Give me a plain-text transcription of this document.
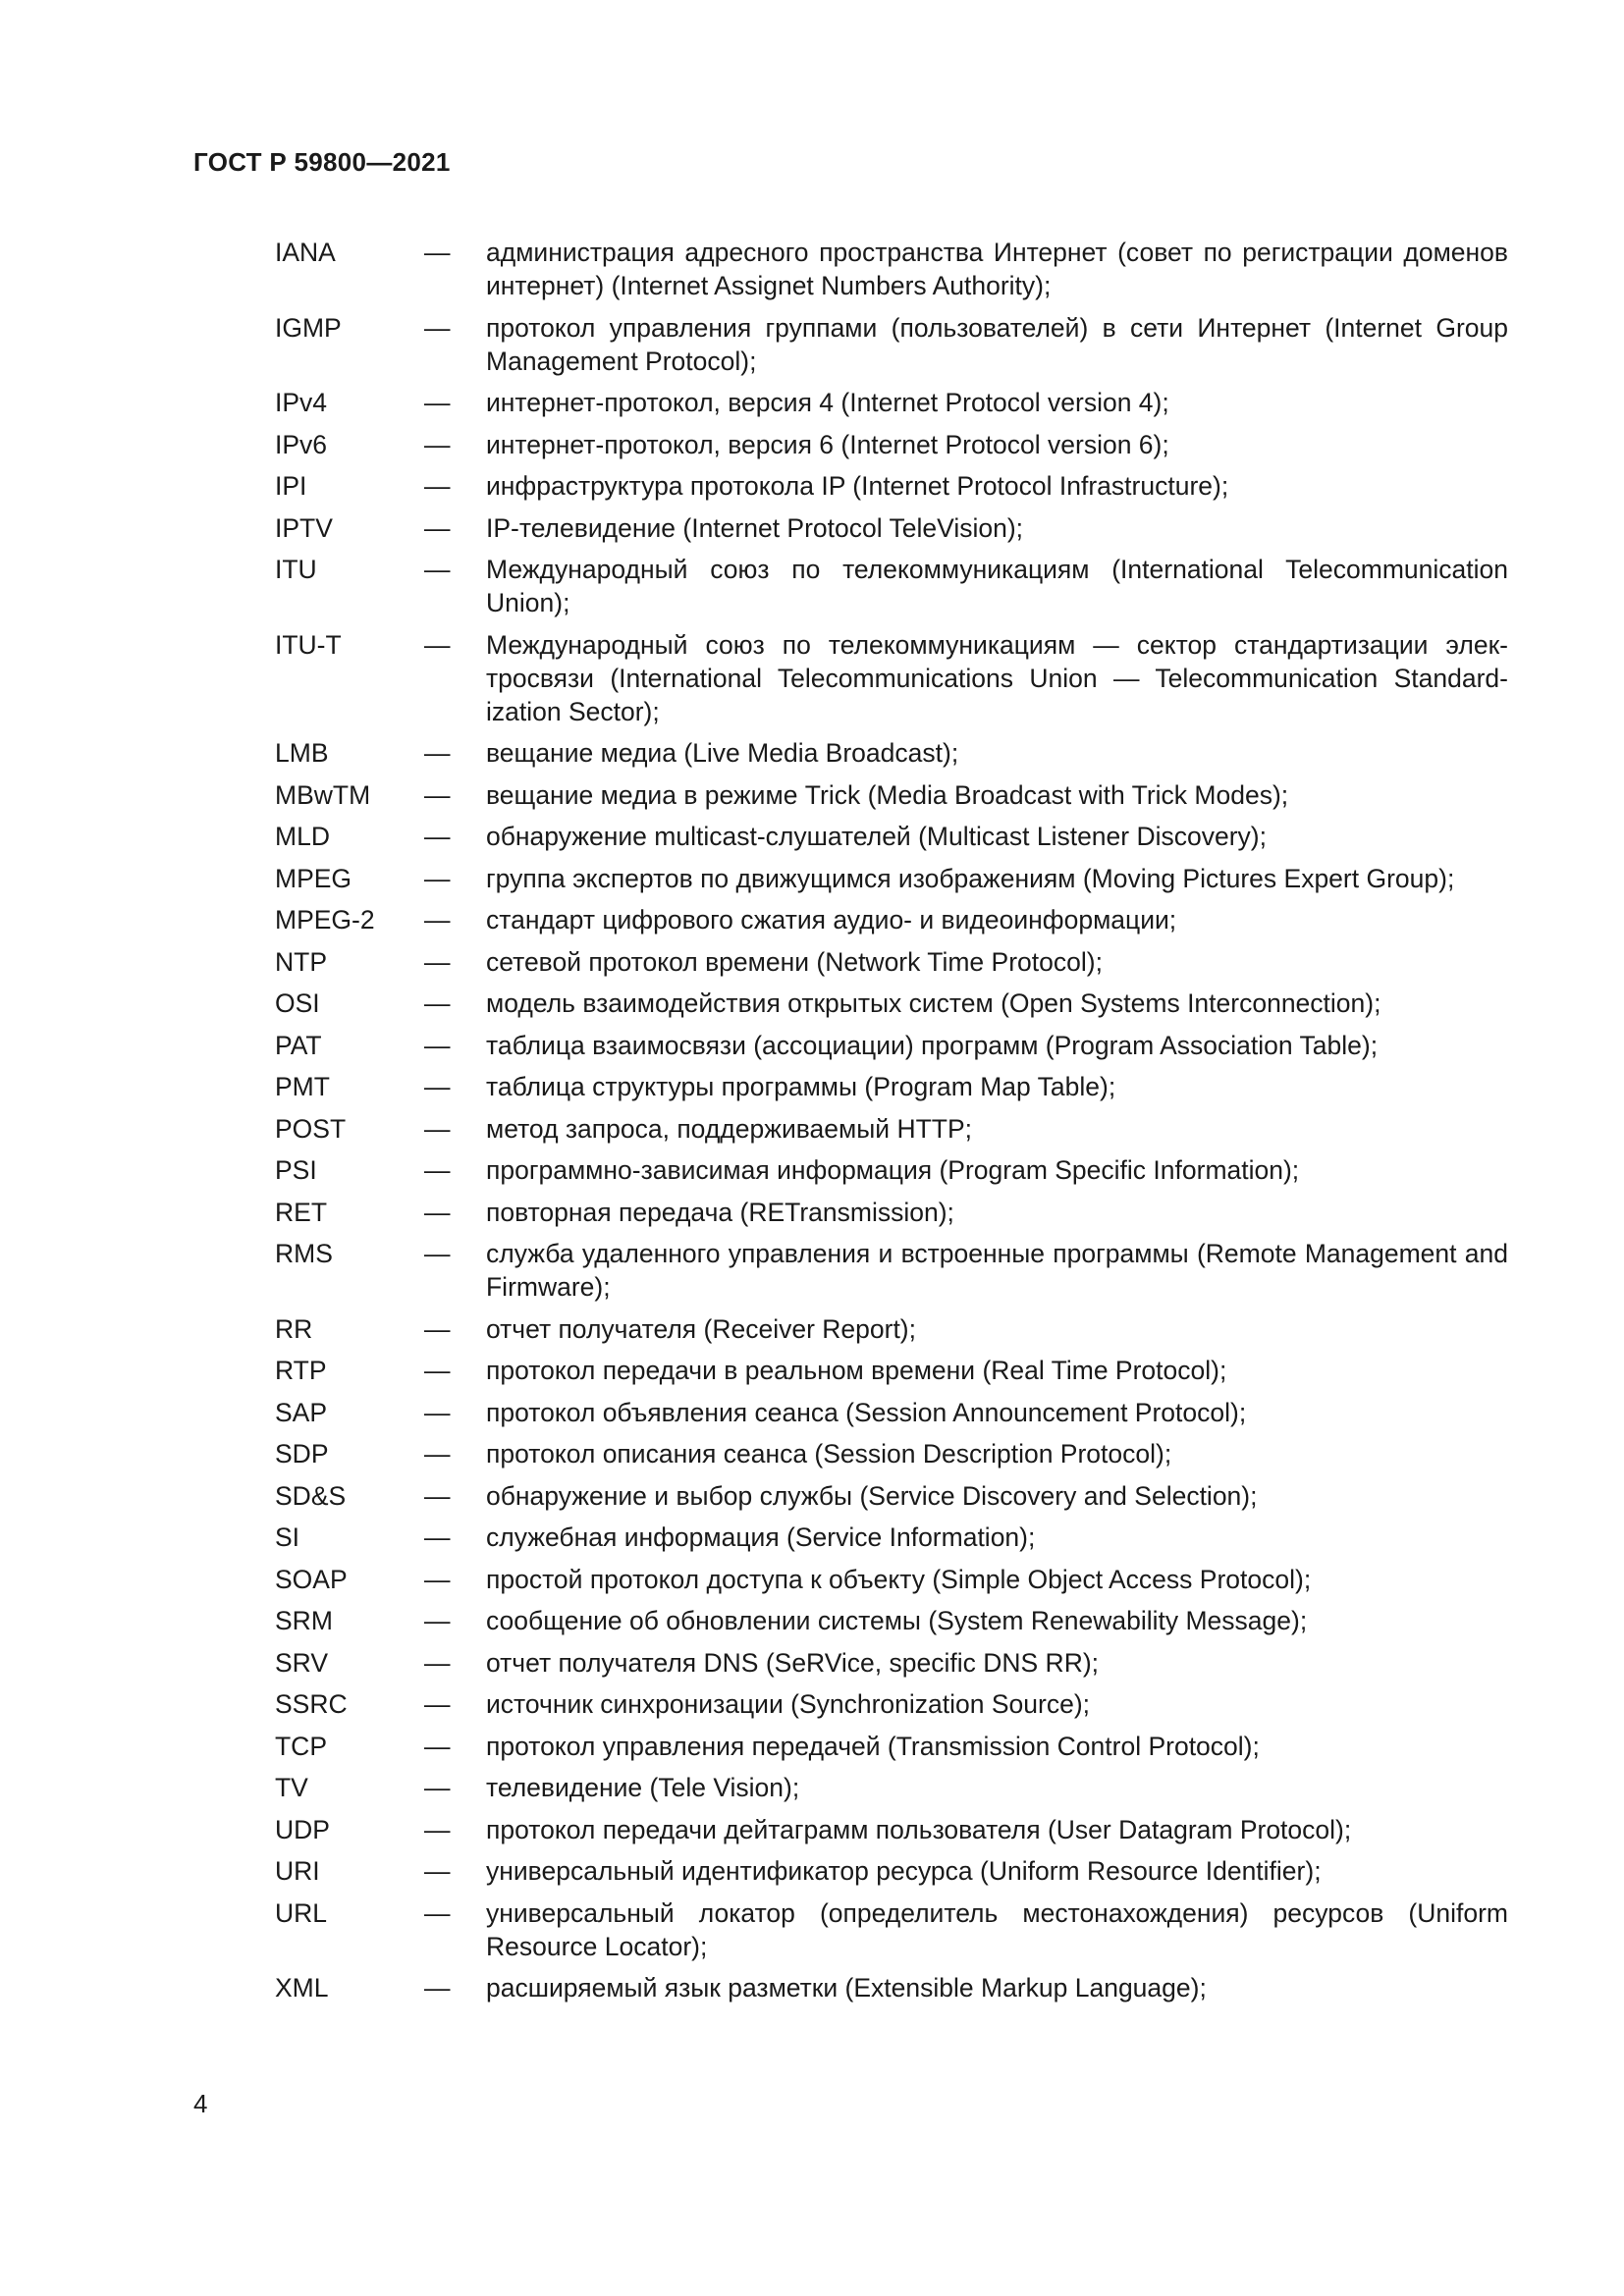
ГОСТ Р 59800—2021
IANA	—	администрация адресного пространства Интернет (совет по регистрации доменов интернет) (Internet Assignet Numbers Authority);
IGMP	—	протокол управления группами (пользователей) в сети Интернет (Internet Group Management Protocol);
IPv4	—	интернет-протокол, версия 4 (Internet Protocol version 4);
IPv6	—	интернет-протокол, версия 6 (Internet Protocol version 6);
IPI	—	инфраструктура протокола IP (Internet Protocol Infrastructure);
IPTV	—	IP-телевидение (Internet Protocol TeleVision);
ITU	—	Международный союз по телекоммуникациям (International Telecommunication Union);
ITU-T	—	Международный союз по телекоммуникациям — сектор стандартизации электросвязи (International Telecommunications Union — Telecommunication Standardization Sector);
LMB	—	вещание медиа (Live Media Broadcast);
MBwTM	—	вещание медиа в режиме Trick (Media Broadcast with Trick Modes);
MLD	—	обнаружение multicast-слушателей (Multicast Listener Discovery);
MPEG	—	группа экспертов по движущимся изображениям (Moving Pictures Expert Group);
MPEG-2	—	стандарт цифрового сжатия аудио- и видеоинформации;
NTP	—	сетевой протокол времени (Network Time Protocol);
OSI	—	модель взаимодействия открытых систем (Open Systems Interconnection);
PAT	—	таблица взаимосвязи (ассоциации) программ (Program Association Table);
PMT	—	таблица структуры программы (Program Map Table);
POST	—	метод запроса, поддерживаемый HTTP;
PSI	—	программно-зависимая информация (Program Specific Information);
RET	—	повторная передача (RETransmission);
RMS	—	служба удаленного управления и встроенные программы (Remote Management and Firmware);
RR	—	отчет получателя (Receiver Report);
RTP	—	протокол передачи в реальном времени (Real Time Protocol);
SAP	—	протокол объявления сеанса (Session Announcement Protocol);
SDP	—	протокол описания сеанса (Session Description Protocol);
SD&S	—	обнаружение и выбор службы (Service Discovery and Selection);
SI	—	служебная информация (Service Information);
SOAP	—	простой протокол доступа к объекту (Simple Object Access Protocol);
SRM	—	сообщение об обновлении системы (System Renewability Message);
SRV	—	отчет получателя DNS (SeRVice, specific DNS RR);
SSRC	—	источник синхронизации (Synchronization Source);
TCP	—	протокол управления передачей (Transmission Control Protocol);
TV	—	телевидение (Tele Vision);
UDP	—	протокол передачи дейтаграмм пользователя (User Datagram Protocol);
URI	—	универсальный идентификатор ресурса (Uniform Resource Identifier);
URL	—	универсальный локатор (определитель местонахождения) ресурсов (Uniform Resource Locator);
XML	—	расширяемый язык разметки (Extensible Markup Language);
4
